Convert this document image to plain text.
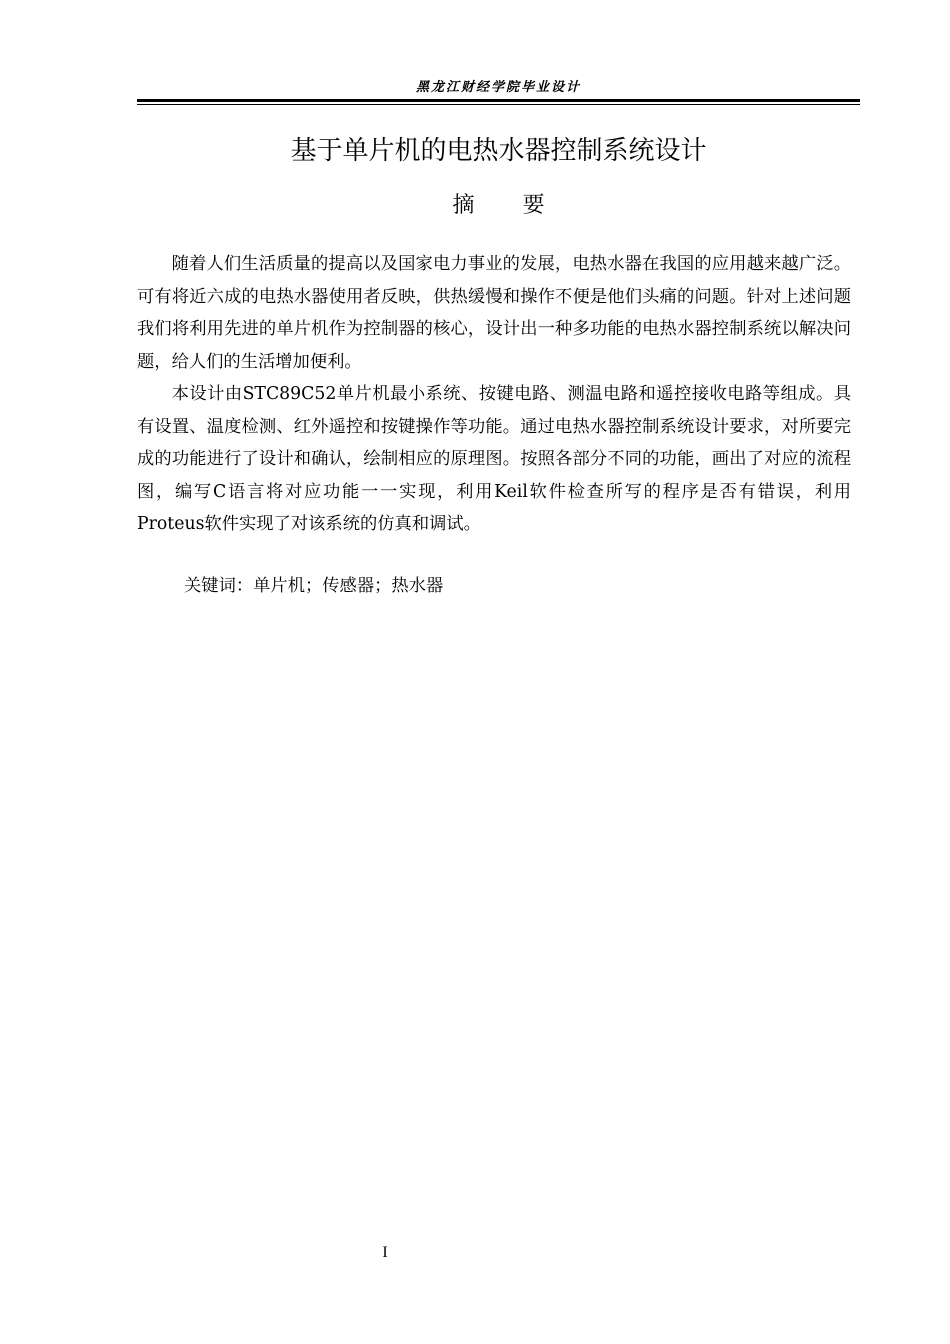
黑龙江财经学院毕业设计
基于单片机的电热水器控制系统设计
摘要

随着人们生活质量的提高以及国家电力事业的发展，电热水器在我国的应用越来越广泛。可有将近六成的电热水器使用者反映，供热缓慢和操作不便是他们头痛的问题。针对上述问题我们将利用先进的单片机作为控制器的核心，设计出一种多功能的电热水器控制系统以解决问题，给人们的生活增加便利。

本设计由STC89C52单片机最小系统、按键电路、测温电路和遥控接收电路等组成。具有设置、温度检测、红外遥控和按键操作等功能。通过电热水器控制系统设计要求，对所要完成的功能进行了设计和确认，绘制相应的原理图。按照各部分不同的功能，画出了对应的流程图，编写C语言将对应功能一一实现，利用Keil软件检查所写的程序是否有错误，利用 Proteus软件实现了对该系统的仿真和调试。

关键词：单片机；传感器；热水器
I
